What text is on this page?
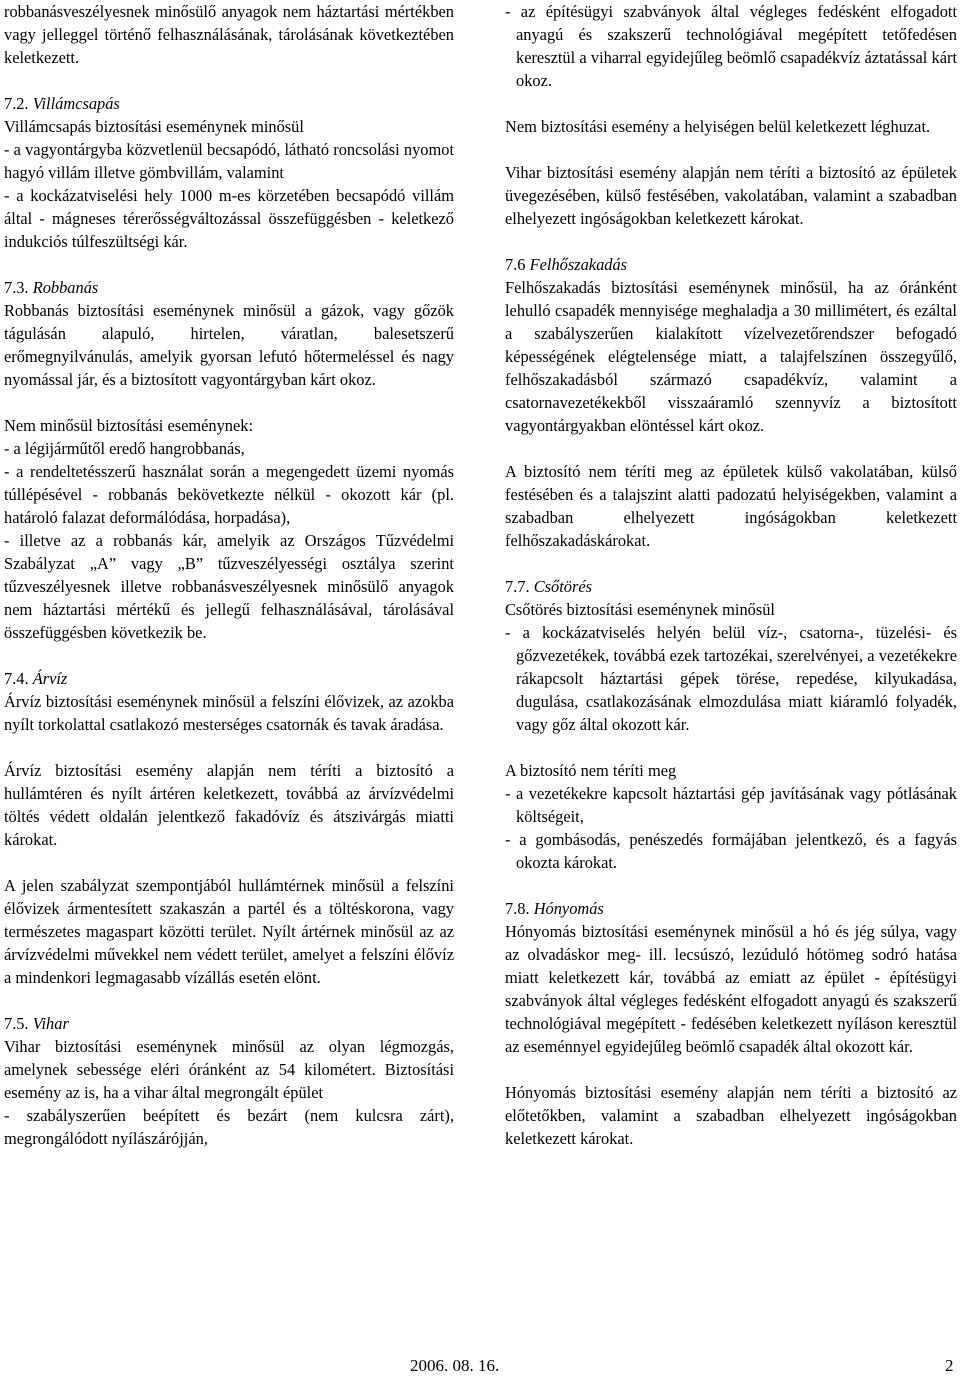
robbanásveszélyesnek minősülő anyagok nem háztartási mértékben vagy jelleggel történő felhasználásának, tárolásának következtében keletkezett.

7.2. Villámcsapás

Villámcsapás biztosítási eseménynek minősül

- a vagyontárgyba közvetlenül becsapódó, látható roncsolási nyomot hagyó villám illetve gömbvillám, valamint

- a kockázatviselési hely 1000 m-es körzetében becsapódó villám által - mágneses térerősségváltozással összefüggésben - keletkező indukciós túlfeszültségi kár.

7.3. Robbanás

Robbanás biztosítási eseménynek minősül a gázok, vagy gőzök tágulásán alapuló, hirtelen, váratlan, balesetszerű erőmegnyilvánulás, amelyik gyorsan lefutó hőtermeléssel és nagy nyomással jár, és a biztosított vagyontárgyban kárt okoz.

Nem minősül biztosítási eseménynek:

- a légijárműtől eredő hangrobbanás,

- a rendeltetésszerű használat során a megengedett üzemi nyomás túllépésével - robbanás bekövetkezte nélkül - okozott kár (pl. határoló falazat deformálódása, horpadása),

- illetve az a robbanás kár, amelyik az Országos Tűzvédelmi Szabályzat „A” vagy „B” tűzveszélyességi osztálya szerint tűzveszélyesnek illetve robbanásveszélyesnek minősülő anyagok nem háztartási mértékű és jellegű felhasználásával, tárolásával összefüggésben következik be.

7.4. Árvíz

Árvíz biztosítási eseménynek minősül a felszíni élővizek, az azokba nyílt torkolattal csatlakozó mesterséges csatornák és tavak áradása.

Árvíz biztosítási esemény alapján nem téríti a biztosító a hullámtéren és nyílt ártéren keletkezett, továbbá az árvízvédelmi töltés védett oldalán jelentkező fakadóvíz és átszivárgás miatti károkat.

A jelen szabályzat szempontjából hullámtérnek minősül a felszíni élővizek ármentesített szakaszán a partél és a töltéskorona, vagy természetes magaspart közötti terület. Nyílt ártérnek minősül az az árvízvédelmi művekkel nem védett terület, amelyet a felszíni élővíz a mindenkori legmagasabb vízállás esetén elönt.

7.5. Vihar

Vihar biztosítási eseménynek minősül az olyan légmozgás, amelynek sebessége eléri óránként az 54 kilométert. Biztosítási esemény az is, ha a vihar által megrongált épület

- szabályszerűen beépített és bezárt (nem kulcsra zárt), megrongálódott nyílászárójján,

- az építésügyi szabványok által végleges fedésként elfogadott anyagú és szakszerű technológiával megépített tetőfedésen keresztül a viharral egyidejűleg beömlő csapadékvíz áztatással kárt okoz.

Nem biztosítási esemény a helyiségen belül keletkezett léghuzat.

Vihar biztosítási esemény alapján nem téríti a biztosító az épületek üvegezésében, külső festésében, vakolatában, valamint a szabadban elhelyezett ingóságokban keletkezett károkat.

7.6 Felhőszakadás

Felhőszakadás biztosítási eseménynek minősül, ha az óránként lehulló csapadék mennyisége meghaladja a 30 millimétert, és ezáltal a szabályszerűen kialakított vízelvezetőrendszer befogadó képességének elégtelensége miatt, a talajfelszínen összegyűlő, felhőszakadásból származó csapadékvíz, valamint a csatornavezetékekből visszaáramló szennyvíz a biztosított vagyontárgyakban elöntéssel kárt okoz.

A biztosító nem téríti meg az épületek külső vakolatában, külső festésében és a talajszint alatti padozatú helyiségekben, valamint a szabadban elhelyezett ingóságokban keletkezett felhőszakadáskárokat.

7.7. Csőtörés

Csőtörés biztosítási eseménynek minősül

- a kockázatviselés helyén belül víz-, csatorna-, tüzelési- és gőzvezetékek, továbbá ezek tartozékai, szerelvényei, a vezetékekre rákapcsolt háztartási gépek törése, repedése, kilyukadása, dugulása, csatlakozásának elmozdulása miatt kiáramló folyadék, vagy gőz által okozott kár.

A biztosító nem téríti meg

- a vezetékekre kapcsolt háztartási gép javításának vagy pótlásának költségeit,

- a gombásodás, penészedés formájában jelentkező, és a fagyás okozta károkat.

7.8. Hónyomás

Hónyomás biztosítási eseménynek minősül a hó és jég súlya, vagy az olvadáskor meg- ill. lecsúszó, lezúduló hótömeg sodró hatása miatt keletkezett kár, továbbá az emiatt az épület - építésügyi szabványok által végleges fedésként elfogadott anyagú és szakszerű technológiával megépített - fedésében keletkezett nyíláson keresztül az eseménnyel egyidejűleg beömlő csapadék által okozott kár.

Hónyomás biztosítási esemény alapján nem téríti a biztosító az előtetőkben, valamint a szabadban elhelyezett ingóságokban keletkezett károkat.

2006. 08. 16.	2
